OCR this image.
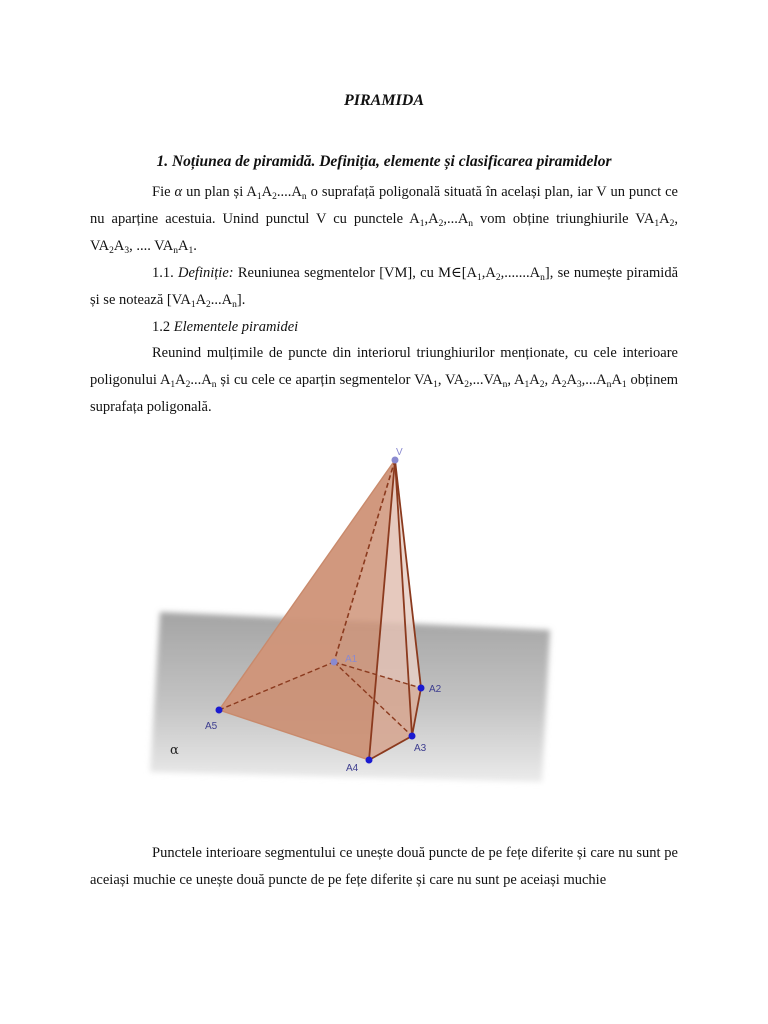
PIRAMIDA
1. Noțiunea de piramidă. Definiția, elemente și clasificarea piramidelor
Fie α un plan și $A_1A_2....A_n$ o suprafață poligonală situată în același plan, iar V un punct ce nu aparține acestuia. Unind punctul V cu punctele $A_1,A_2,...A_n$ vom obține triunghiurile $VA_1A_2$, $VA_2A_3$, .... $VA_nA_1$.
1.1. Definiție: Reuniunea segmentelor [VM], cu $M\in[A_1,A_2,.......A_n]$, se numește piramidă și se notează $[VA_1A_2...A_n]$.
1.2 Elementele piramidei
Reunind mulțimile de puncte din interiorul triunghiurilor menționate, cu cele interioare poligonului $A_1A_2...A_n$ și cu cele ce aparțin segmentelor $VA_1$, $VA_2,...VA_n$, $A_1A_2$, $A_2A_3,...A_nA_1$ obținem suprafața poligonală.
V
A1
A2
A3
A4
A5
α
Punctele interioare segmentului ce unește două puncte de pe fețe diferite și care nu sunt pe aceiași muchie ce unește două puncte de pe fețe diferite și care nu sunt pe aceiași muchie
